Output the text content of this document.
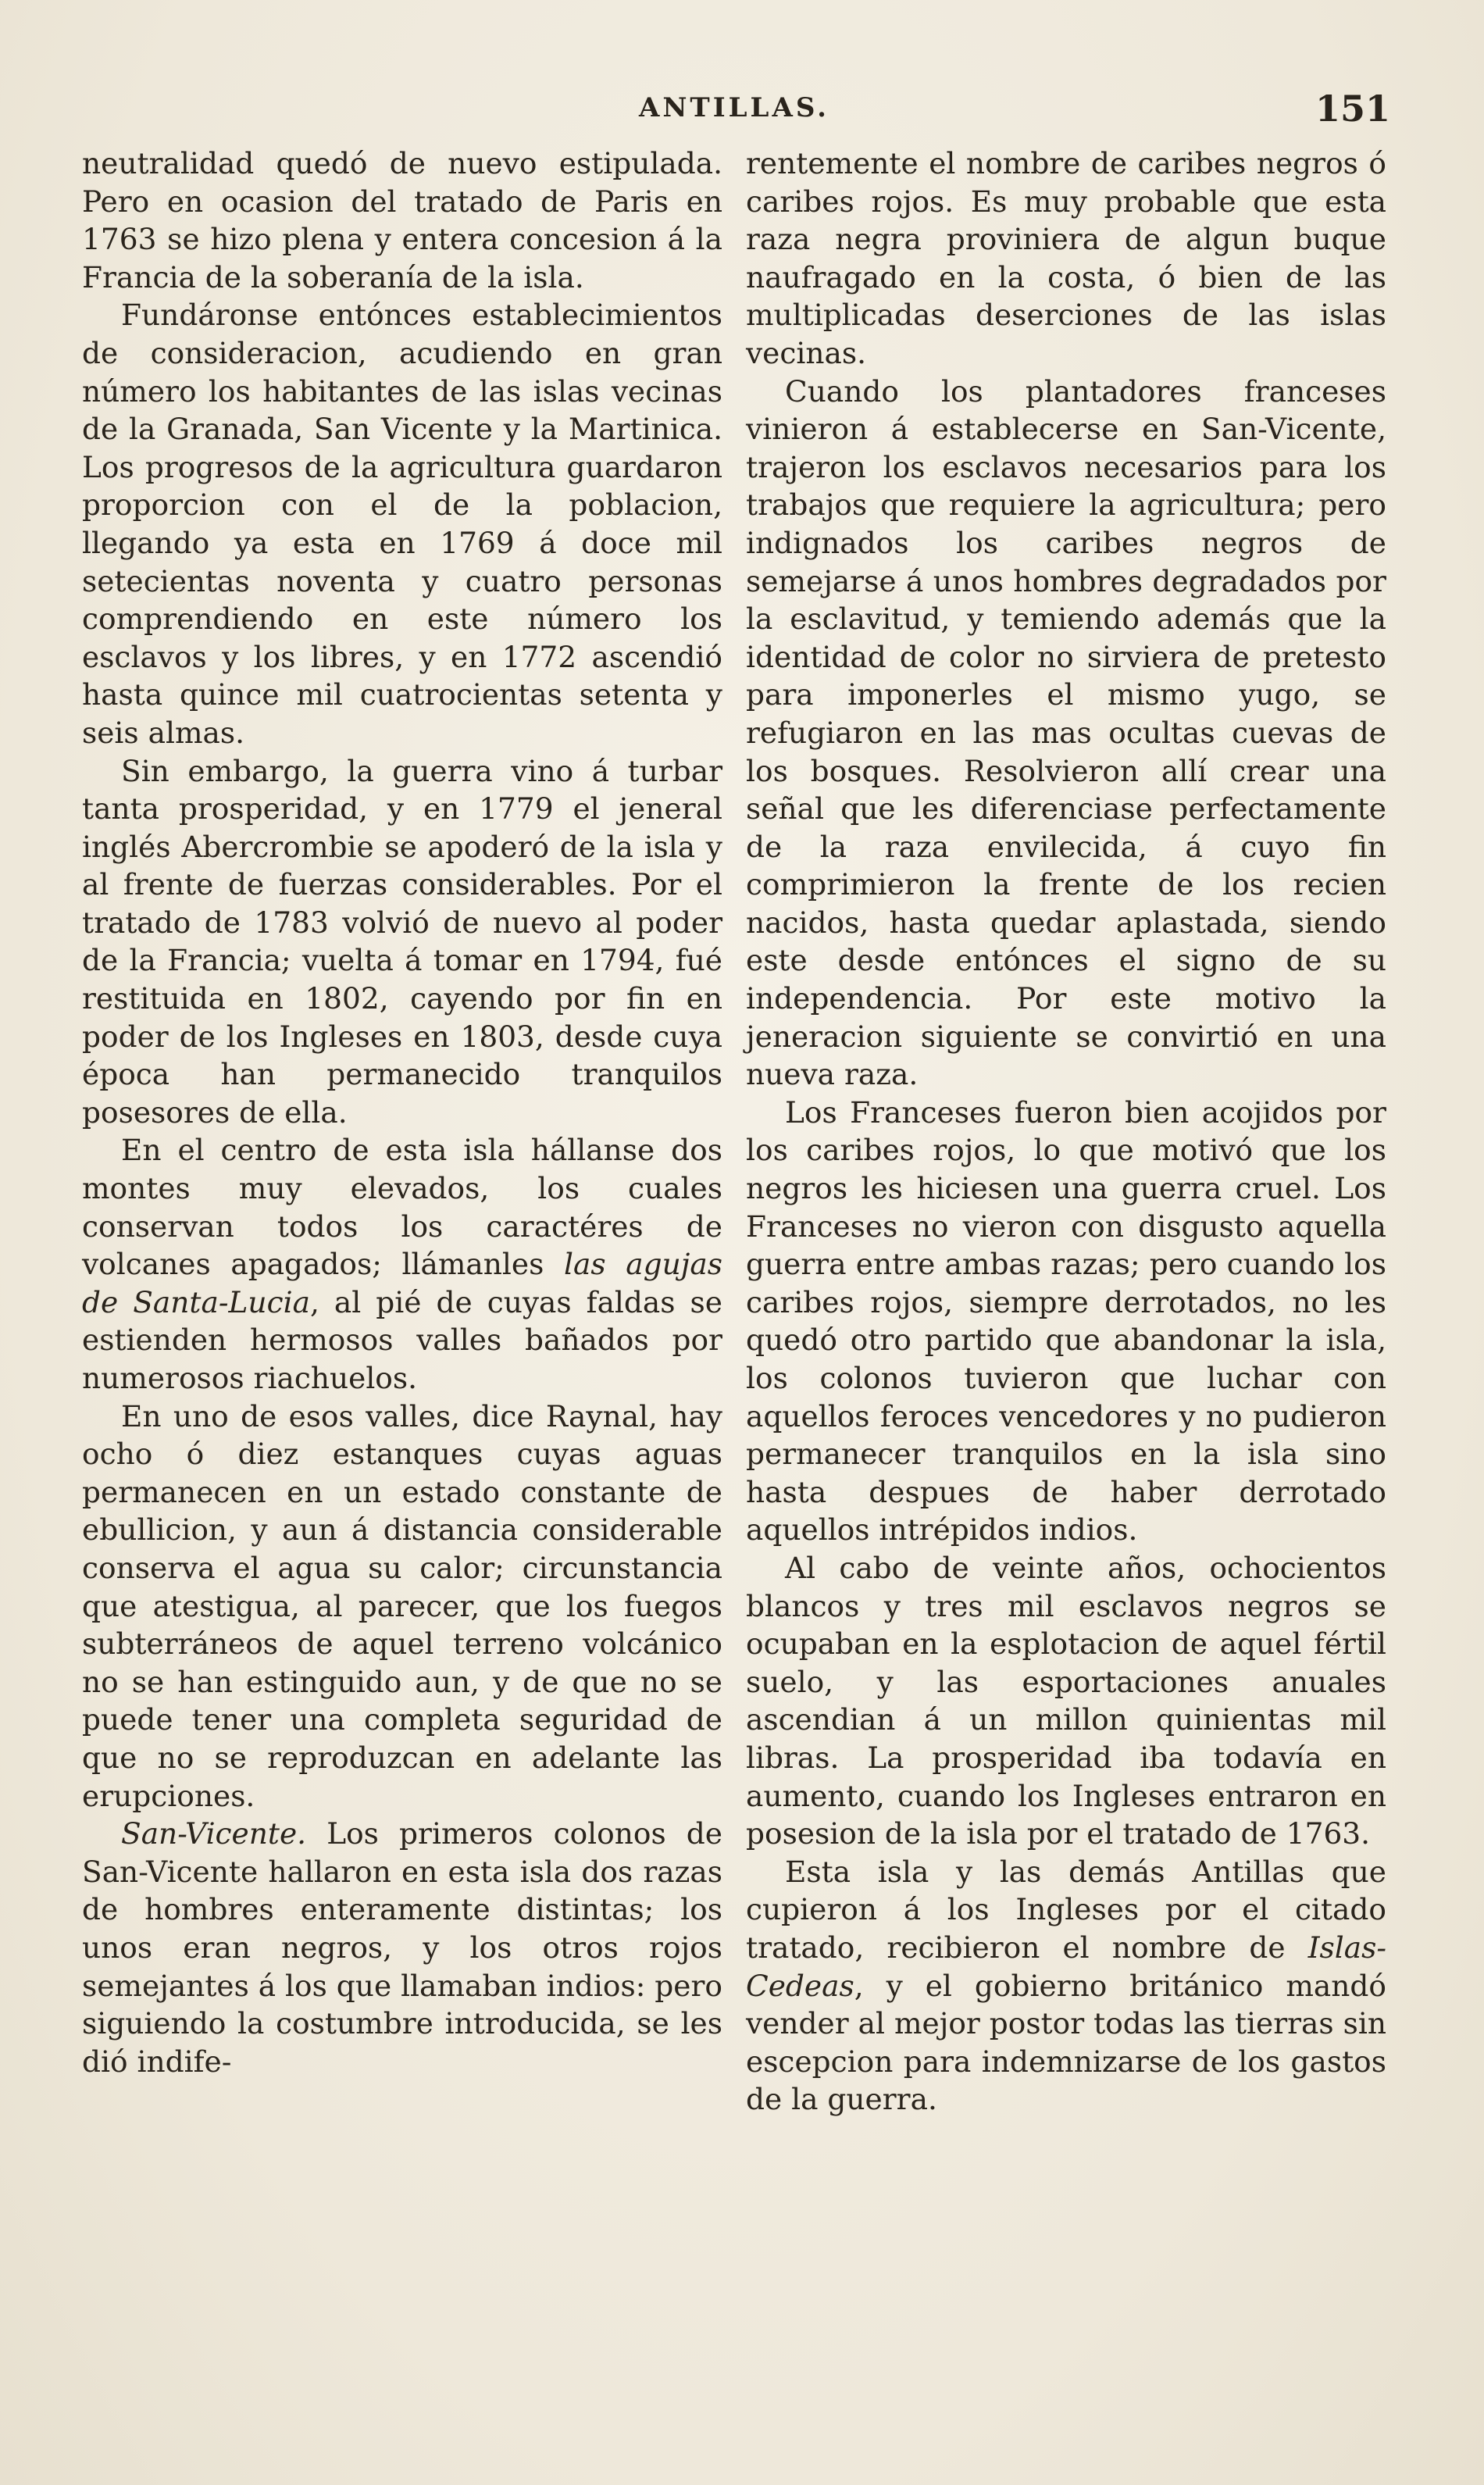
ANTILLAS.	151

neutralidad quedó de nuevo estipulada. Pero en ocasion del tratado de Paris en 1763 se hizo plena y entera concesion á la Francia de la soberanía de la isla.

Fundáronse entónces establecimientos de consideracion, acudiendo en gran número los habitantes de las islas vecinas de la Granada, San Vicente y la Martinica. Los progresos de la agricultura guardaron proporcion con el de la poblacion, llegando ya esta en 1769 á doce mil setecientas noventa y cuatro personas comprendiendo en este número los esclavos y los libres, y en 1772 ascendió hasta quince mil cuatrocientas setenta y seis almas.

Sin embargo, la guerra vino á turbar tanta prosperidad, y en 1779 el jeneral inglés Abercrombie se apoderó de la isla y al frente de fuerzas considerables. Por el tratado de 1783 volvió de nuevo al poder de la Francia; vuelta á tomar en 1794, fué restituida en 1802, cayendo por fin en poder de los Ingleses en 1803, desde cuya época han permanecido tranquilos posesores de ella.

En el centro de esta isla hállanse dos montes muy elevados, los cuales conservan todos los caractéres de volcanes apagados; llámanles las agujas de Santa-Lucia, al pié de cuyas faldas se estienden hermosos valles bañados por numerosos riachuelos.

En uno de esos valles, dice Raynal, hay ocho ó diez estanques cuyas aguas permanecen en un estado constante de ebullicion, y aun á distancia considerable conserva el agua su calor; circunstancia que atestigua, al parecer, que los fuegos subterráneos de aquel terreno volcánico no se han estinguido aun, y de que no se puede tener una completa seguridad de que no se reproduzcan en adelante las erupciones.

San-Vicente. Los primeros colonos de San-Vicente hallaron en esta isla dos razas de hombres enteramente distintas; los unos eran negros, y los otros rojos semejantes á los que llamaban indios: pero siguiendo la costumbre introducida, se les dió indife-

rentemente el nombre de caribes negros ó caribes rojos. Es muy probable que esta raza negra proviniera de algun buque naufragado en la costa, ó bien de las multiplicadas deserciones de las islas vecinas.

Cuando los plantadores franceses vinieron á establecerse en San-Vicente, trajeron los esclavos necesarios para los trabajos que requiere la agricultura; pero indignados los caribes negros de semejarse á unos hombres degradados por la esclavitud, y temiendo además que la identidad de color no sirviera de pretesto para imponerles el mismo yugo, se refugiaron en las mas ocultas cuevas de los bosques. Resolvieron allí crear una señal que les diferenciase perfectamente de la raza envilecida, á cuyo fin comprimieron la frente de los recien nacidos, hasta quedar aplastada, siendo este desde entónces el signo de su independencia. Por este motivo la jeneracion siguiente se convirtió en una nueva raza.

Los Franceses fueron bien acojidos por los caribes rojos, lo que motivó que los negros les hiciesen una guerra cruel. Los Franceses no vieron con disgusto aquella guerra entre ambas razas; pero cuando los caribes rojos, siempre derrotados, no les quedó otro partido que abandonar la isla, los colonos tuvieron que luchar con aquellos feroces vencedores y no pudieron permanecer tranquilos en la isla sino hasta despues de haber derrotado aquellos intrépidos indios.

Al cabo de veinte años, ochocientos blancos y tres mil esclavos negros se ocupaban en la esplotacion de aquel fértil suelo, y las esportaciones anuales ascendian á un millon quinientas mil libras. La prosperidad iba todavía en aumento, cuando los Ingleses entraron en posesion de la isla por el tratado de 1763.

Esta isla y las demás Antillas que cupieron á los Ingleses por el citado tratado, recibieron el nombre de Islas-Cedeas, y el gobierno británico mandó vender al mejor postor todas las tierras sin escepcion para indemnizarse de los gastos de la guerra.
